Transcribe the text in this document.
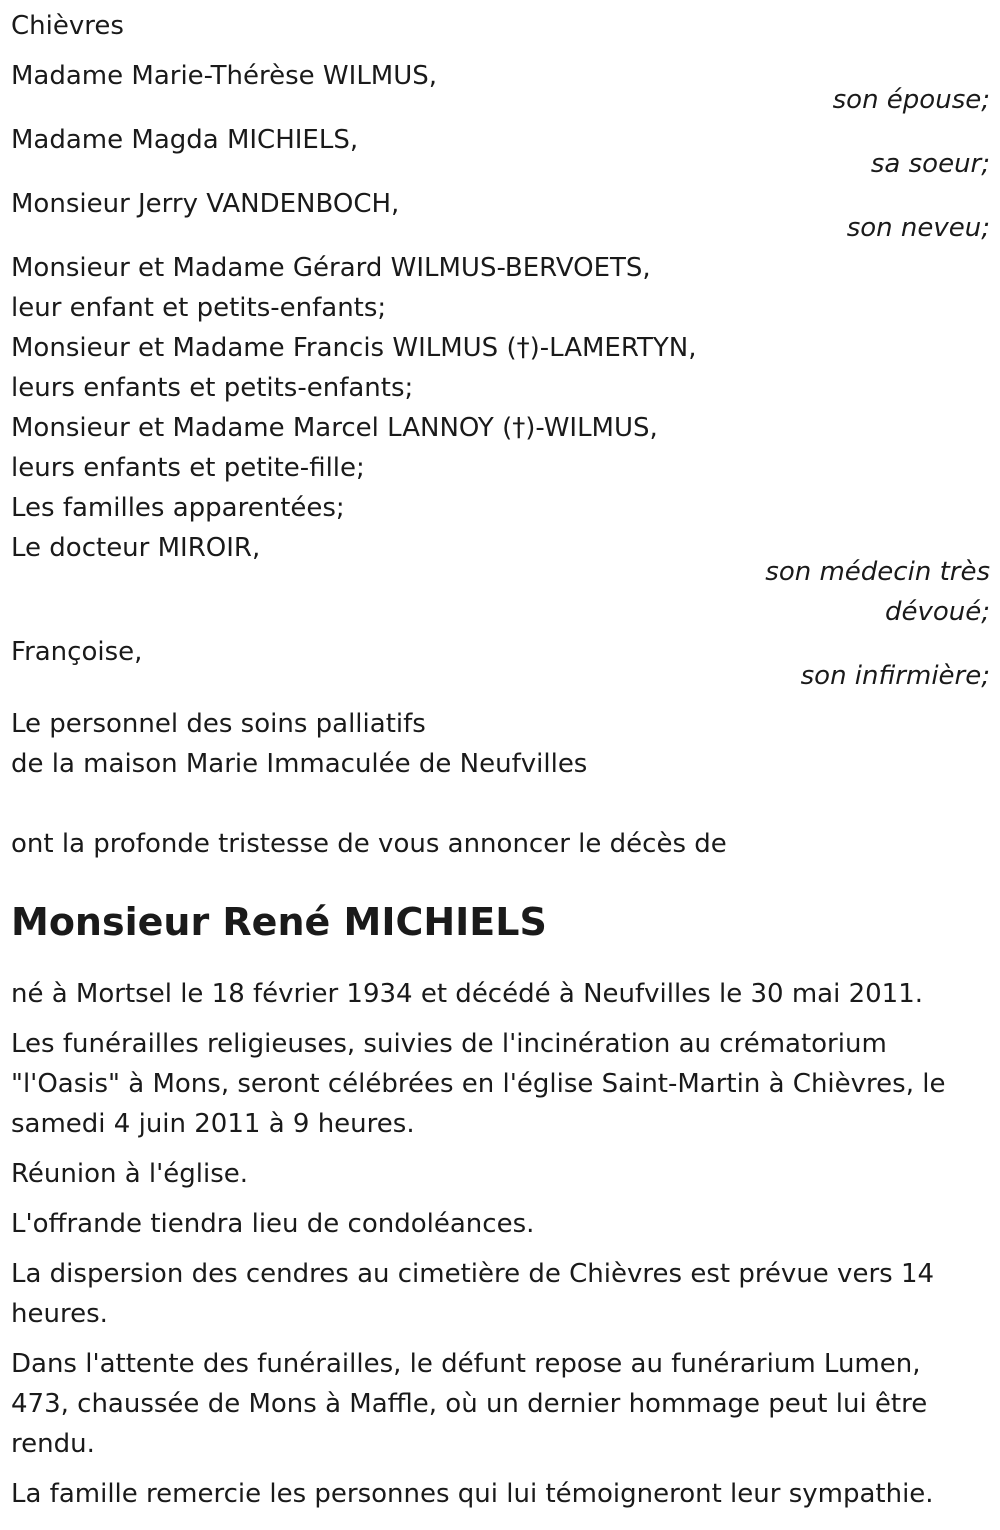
Chièvres
Madame Marie-Thérèse WILMUS,
son épouse;
Madame Magda MICHIELS,
sa soeur;
Monsieur Jerry VANDENBOCH,
son neveu;
Monsieur et Madame Gérard WILMUS-BERVOETS,
leur enfant et petits-enfants;
Monsieur et Madame Francis WILMUS (†)-LAMERTYN,
leurs enfants et petits-enfants;
Monsieur et Madame Marcel LANNOY (†)-WILMUS,
leurs enfants et petite-fille;
Les familles apparentées;
Le docteur MIROIR,
son médecin très
dévoué;
Françoise,
son infirmière;
Le personnel des soins palliatifs
de la maison Marie Immaculée de Neufvilles
ont la profonde tristesse de vous annoncer le décès de
Monsieur René MICHIELS

né à Mortsel le 18 février 1934 et décédé à Neufvilles le 30 mai 2011.

Les funérailles religieuses, suivies de l'incinération au crématorium "l'Oasis" à Mons, seront célébrées en l'église Saint-Martin à Chièvres, le samedi 4 juin 2011 à 9 heures.

Réunion à l'église.

L'offrande tiendra lieu de condoléances.

La dispersion des cendres au cimetière de Chièvres est prévue vers 14 heures.

Dans l'attente des funérailles, le défunt repose au funérarium Lumen, 473, chaussée de Mons à Maffle, où un dernier hommage peut lui être rendu.

La famille remercie les personnes qui lui témoigneront leur sympathie.
